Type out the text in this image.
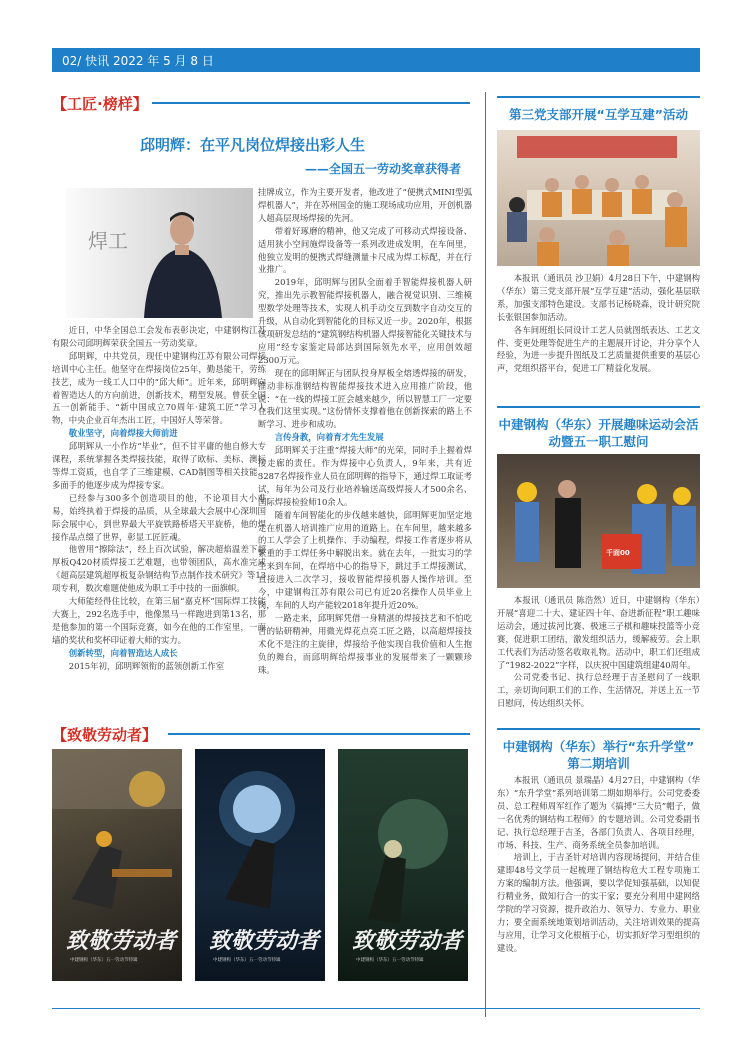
02/ 快讯 2022 年 5 月 8 日
【工匠·榜样】
邱明辉：在平凡岗位焊接出彩人生
——全国五一劳动奖章获得者
焊工

近日，中华全国总工会发布表彰决定，中建钢构江苏有限公司邱明辉荣获全国五一劳动奖章。

邱明辉，中共党员，现任中建钢构江苏有限公司焊接培训中心主任。他坚守在焊接岗位25年，勤恳能干，劳练技艺，成为一线工人口中的“邱大师”。近年来，邱明辉向着智造达人的方向前进，创新技术，精型发展。曾获全国五一创新能手、“新中国成立70周年·建筑工匠”学习人物，中央企业百年杰出工匠，中国好人等荣誉。

敬业坚守，向着焊接大师前进

邱明辉从一小作坊“毕业”，但不甘平庸的他自修大专课程，系统掌握各类焊接技能，取得了欧标、美标、澳标等焊工资质，也自学了三维建模、CAD制图等相关技能，多面手的他逐步成为焊接专家。

已经参与300多个创造项目的他，不论项目大小难易，始终执着于焊接的品质，从全球最大会展中心深圳国际会展中心，到世界最大平旋铁路桥塔天平旋桥，他的焊接作品点缀了世界，彰显工匠匠魂。

他曾用“擦除法”，经上百次试验，解决超焰温差下超厚板Q420材质焊接工艺难题，也带领团队，高水准完成《超高层建筑超厚板复杂钢结构节点制作技术研究》等13项专利，数次难题使他成为职工手中技的一面旗帜。

大师能经得住比较，在第三届“嘉克杯”国际焊工技能大赛上，292名选手中，他像黑马一样跑进到第13名，那是他参加的第一个国际竞赛，如今在他的工作室里，一面墙的奖状和奖杯印证着大师的实力。

创新转型，向着智造达人成长

2015年初，邱明辉领衔的蓝领创新工作室

挂牌成立，作为主要开发者，他改进了“便携式MINI型弧焊机器人”，并在苏州国金的施工现场成功应用，开创机器人超高层现场焊接的先河。

带着好琢磨的精神，他又完成了可移动式焊接设备、适用狭小空间施焊设备等一系列改进成发明，在车间里，他独立发明的便携式焊缝测量卡尺成为焊工标配，并在行业推广。

2019年，邱明辉与团队全面着手智能焊接机器人研究，推出先示教智能焊接机器人，融合视觉识别、三维模型数学处理等技术，实现人机手动交互到数字自动交互的升级，从自动化到智能化的目标又近一步。2020年，根据该项研发总结的“建筑钢结构机器人焊接智能化关键技术与应用”经专家鉴定局部达到国际领先水平，应用创效超2300万元。

现在的邱明辉正与团队投身厚板全熔透焊接的研发，推动非标准钢结构智能焊接技术进入应用推广阶段，他说：“在一线的焊接工匠会越来越少，所以智慧工厂一定要在我们这里实现。”这份情怀支撑着他在创新探索的路上不断学习、进步和成功。

言传身教，向着育才先生发展

邱明辉关于注重“焊接大师”的光荣，同时手上握着焊接走廊的责任。作为焊接中心负责人，9年来，共有近3287名焊接作业人员在邱明辉的指导下，通过焊工取证考试，每年为公司及行业培养输送高级焊接人才500余名、国际焊接检验师10余人。

随着车间智能化的步伐越来越快，邱明辉更加坚定地走在机器人培训推广应用的道路上。在车间里，越来越多的工人学会了上机操作、手动编程，焊接工作者逐步将从繁重的手工焊任务中解脱出来。就在去年，一批实习的学生来到车间，在焊培中心的指导下，跳过手工焊接测试，直接进入二次学习，接收智能焊接机器人操作培训。至今，中建钢构江苏有限公司已有近20名操作人员毕业上岗，车间的人均产能较2018年提升近20%。

一路走来，邱明辉凭借一身精湛的焊接技艺和不怕吃苦的钻研精神，用微光焊花点亮工匠之路，以高超焊接技术化不是注的主旋律，焊接给予他实现自我价值和人生抱负的舞台，而邱明辉给焊接事业的发展带来了一颗颗珍珠。

【致敬劳动者】
致敬劳动者
中建钢构（华东）五一劳动节特辑
致敬劳动者
中建钢构（华东）五一劳动节特辑
致敬劳动者
中建钢构（华东）五一劳动节特辑
第三党支部开展“互学互建”活动

本报讯（通讯员 沙卫娟）4月28日下午，中建钢构（华东）第三党支部开展“互学互建”活动，强化基层联系，加强支部特色建设。支部书记杨晓森，设计研究院长张银国参加活动。

各车间班组长同设计工艺人员就图纸表达、工艺文件、变更处理等促进生产的主题展开讨论，并分享个人经验，为进一步提升图纸及工艺质量提供重要的基层心声，党组织搭平台，促进工厂精益化发展。

中建钢构（华东）开展趣味运动会活
动暨五一职工慰问
千面00

本报讯（通讯员 陈浩然）近日，中建钢构（华东）开展“喜迎二十大、建证四十年、奋进新征程”职工趣味运动会，通过拔河比赛、极速三子棋和趣味投篮等小竞赛，促进职工团结，激发组织活力，缓解疲劳。会上职工代表们为活动签名收取礼物。活动中，职工们还组成了“1982-2022”字样，以庆祝中国建筑组建40周年。

公司党委书记、执行总经理于吉圣慰问了一线职工，亲切询问职工们的工作、生活情况，并送上五一节日慰问，传达组织关怀。

中建钢构（华东）举行“东升学堂”
第二期培训

本报讯（通讯员 景瑞晶）4月27日，中建钢构（华东）“东升学堂”系列培训第二期如期举行。公司党委委员、总工程师周军红作了题为《搞搏“三大员”帽子，做一名优秀的钢结构工程师》的专题培训。公司党委副书记、执行总经理于吉圣，各部门负责人、各项目经理，市场、科技、生产、商务系统全员参加培训。

培训上，于吉圣针对培训内容现场提问，并结合佳建即48号文学员一起梳理了钢结构危大工程专项施工方案的编制方法。他强调，要以学促知强基础，以知促行精业务，做知行合一的实干家；要充分利用中建网络学院的学习资源，提升政治力、领导力、专业力、职业力；要全面系统地策划培训活动，关注培训效果的提高与应用，让学习文化根植于心，切实抓好学习型组织的建设。
